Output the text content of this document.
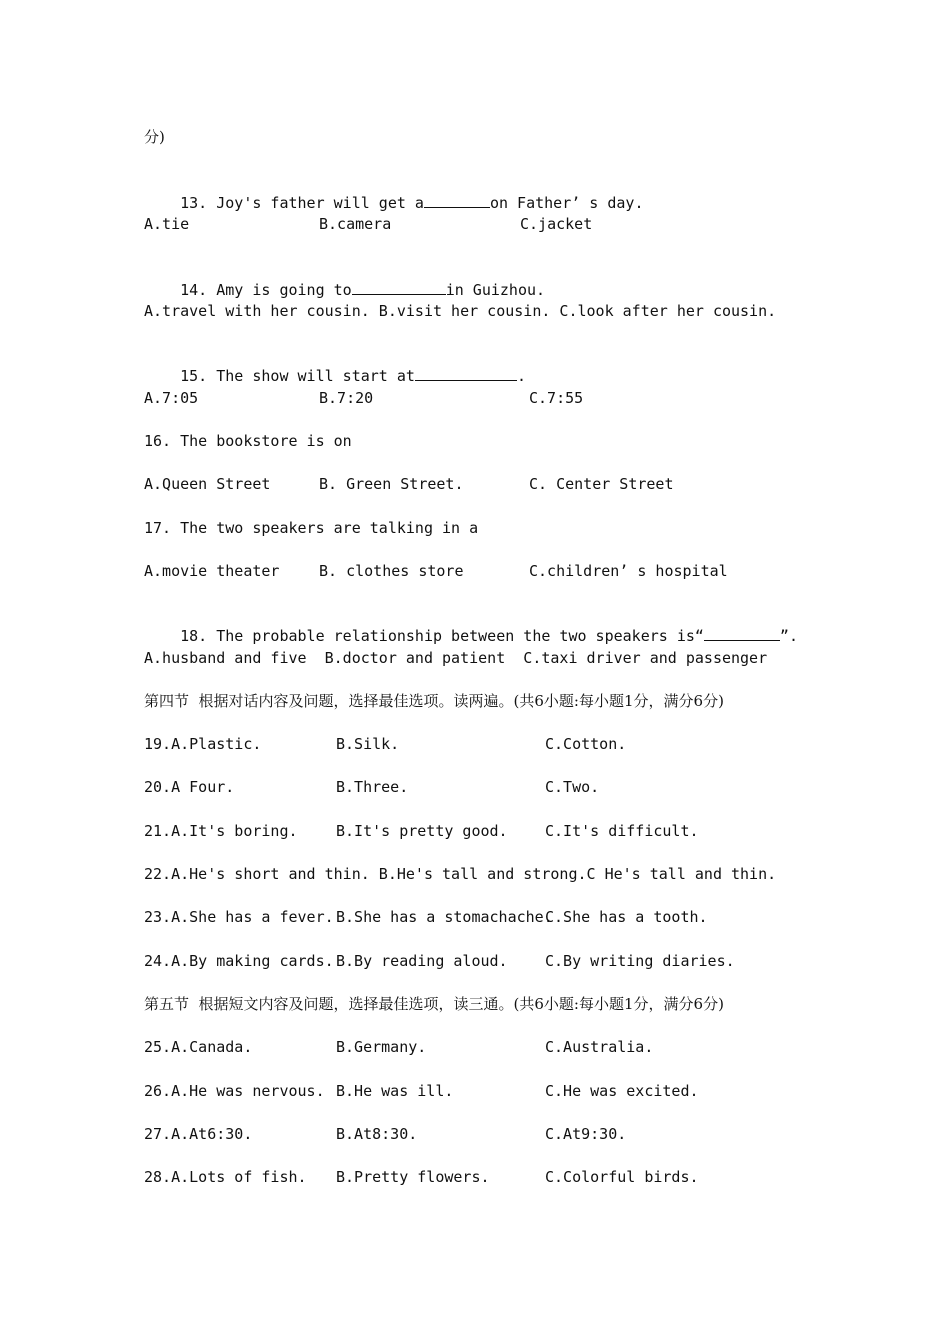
分)

13. Joy's father will get a	on Father’ s day.

A.tie

	B.camera

	C.jacket

14. Amy is going to	in Guizhou.

A.travel with her cousin. B.visit her cousin. C.look after her cousin.

15. The show will start at	.

A.7:05

	B.7:20

	C.7:55

16. The bookstore is on

A.Queen Street

	B. Green Street.

	C. Center Street

17. The two speakers are talking in a

A.movie theater

	B. clothes store

	C.children’ s hospital

18. The probable relationship between the two speakers is“	”.

A.husband and five  B.doctor and patient  C.taxi driver and passenger
第四节  根据对话内容及问题，选择最佳选项。读两遍。(共6小题:每小题1分，满分6分)

19.A.Plastic.

	B.Silk.

	C.Cotton.

20.A Four.

	B.Three.

	C.Two.

21.A.It's boring.

	B.It's pretty good.

C.It's difficult.

22.A.He's short and thin. B.He's tall and strong.C He's tall and thin.

23.A.She has a fever.

B.She has a stomachache.

C.She has a tooth.

24.A.By making cards.

B.By reading aloud.

C.By writing diaries.

第五节  根据短文内容及问题，选择最佳选项，读三通。(共6小题:每小题1分，满分6分)

25.A.Canada.

	B.Germany.

	C.Australia.

26.A.He was nervous.

B.He was ill.

	C.He was excited.

27.A.At6:30.

	B.At8:30.

	C.At9:30.

28.A.Lots of fish.

B.Pretty flowers.

	C.Colorful birds.
